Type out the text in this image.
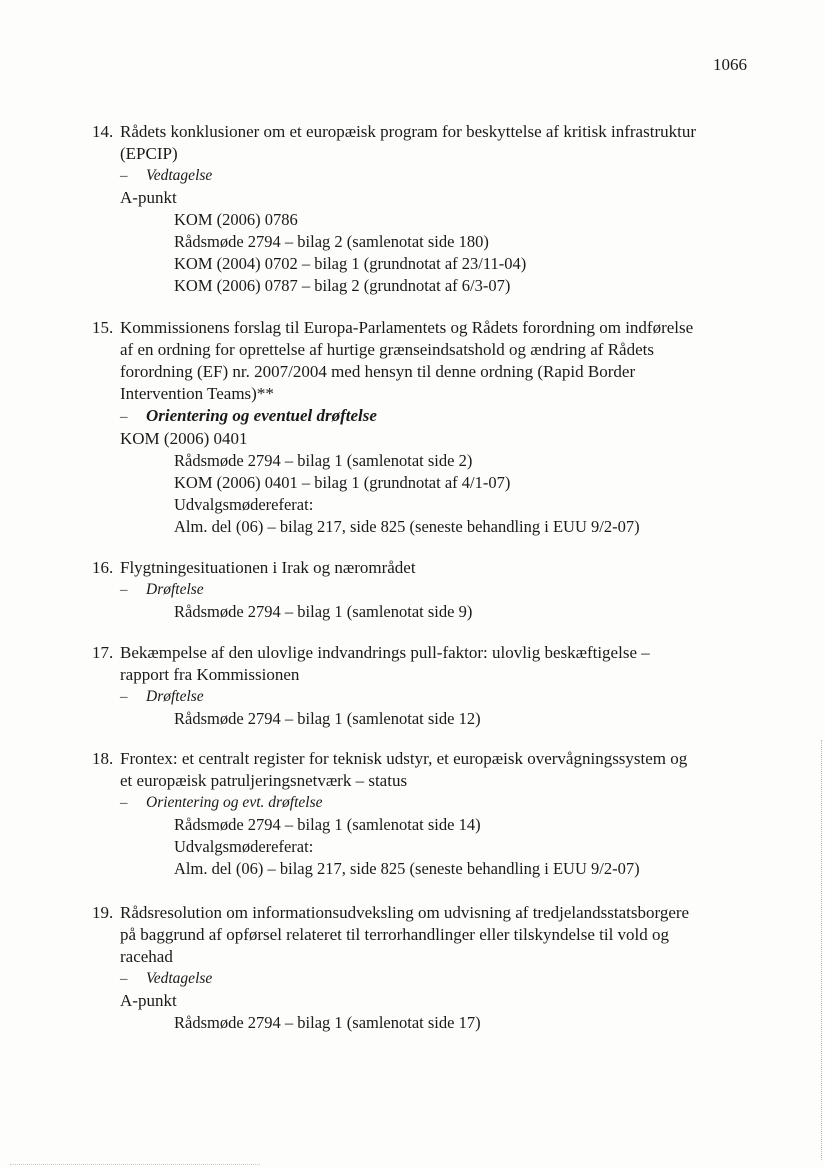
1066
14. Rådets konklusioner om et europæisk program for beskyttelse af kritisk infrastruktur
(EPCIP)
–	Vedtagelse
A-punkt
KOM (2006) 0786
Rådsmøde 2794 – bilag 2 (samlenotat side 180)
KOM (2004) 0702 – bilag 1 (grundnotat af 23/11-04)
KOM (2006) 0787 – bilag 2 (grundnotat af 6/3-07)
15. Kommissionens forslag til Europa-Parlamentets og Rådets forordning om indførelse
af en ordning for oprettelse af hurtige grænseindsatshold og ændring af Rådets
forordning (EF) nr. 2007/2004 med hensyn til denne ordning (Rapid Border
Intervention Teams)**
–	Orientering og eventuel drøftelse
KOM (2006) 0401
Rådsmøde 2794 – bilag 1 (samlenotat side 2)
KOM (2006) 0401 – bilag 1 (grundnotat af 4/1-07)
Udvalgsmødereferat:
Alm. del (06) – bilag 217, side 825 (seneste behandling i EUU 9/2-07)
16. Flygtningesituationen i Irak og nærområdet
–	Drøftelse
Rådsmøde 2794 – bilag 1 (samlenotat side 9)
17. Bekæmpelse af den ulovlige indvandrings pull-faktor: ulovlig beskæftigelse –
rapport fra Kommissionen
–	Drøftelse
Rådsmøde 2794 – bilag 1 (samlenotat side 12)
18. Frontex: et centralt register for teknisk udstyr, et europæisk overvågningssystem og
et europæisk patruljeringsnetværk – status
–	Orientering og evt. drøftelse
Rådsmøde 2794 – bilag 1 (samlenotat side 14)
Udvalgsmødereferat:
Alm. del (06) – bilag 217, side 825 (seneste behandling i EUU 9/2-07)
19. Rådsresolution om informationsudveksling om udvisning af tredjelandsstatsborgere
på baggrund af opførsel relateret til terrorhandlinger eller tilskyndelse til vold og
racehad
–	Vedtagelse
A-punkt
Rådsmøde 2794 – bilag 1 (samlenotat side 17)
